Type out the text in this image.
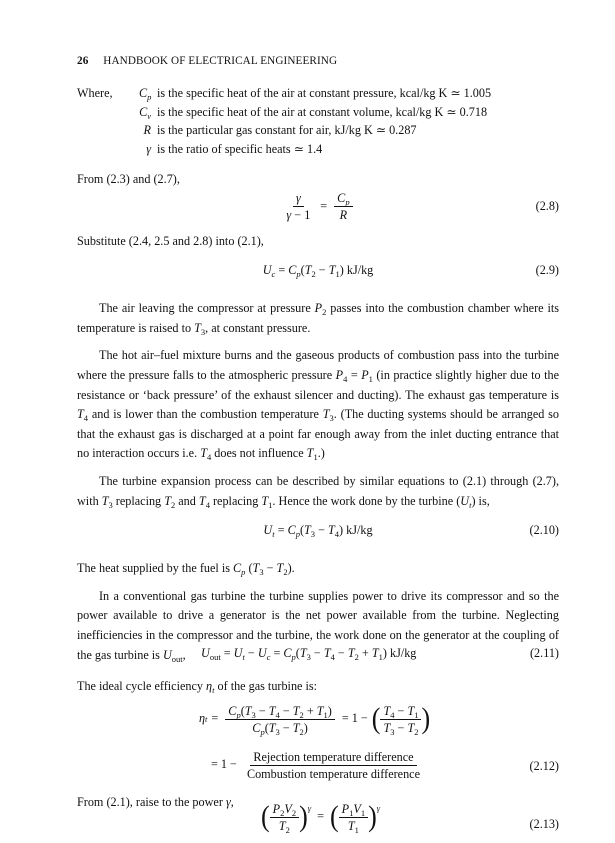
26 HANDBOOK OF ELECTRICAL ENGINEERING
Where,	$C_p$ is the specific heat of the air at constant pressure, kcal/kg K ≃ 1.005
$C_v$ is the specific heat of the air at constant volume, kcal/kg K ≃ 0.718
R is the particular gas constant for air, kJ/kg K ≃ 0.287
γ is the ratio of specific heats ≃ 1.4

From (2.3) and (2.7),

$\frac{\gamma}{\gamma - 1} = \frac{C_p}{R}$	(2.8)

Substitute (2.4, 2.5 and 2.8) into (2.1),

$U_c = C_p(T_2 - T_1)$ kJ/kg	(2.9)

The air leaving the compressor at pressure $P_2$ passes into the combustion chamber where its temperature is raised to $T_3$, at constant pressure.

The hot air–fuel mixture burns and the gaseous products of combustion pass into the turbine where the pressure falls to the atmospheric pressure $P_4 = P_1$ (in practice slightly higher due to the resistance or ‘back pressure’ of the exhaust silencer and ducting). The exhaust gas temperature is $T_4$ and is lower than the combustion temperature $T_3$. (The ducting systems should be arranged so that the exhaust gas is discharged at a point far enough away from the inlet ducting entrance that no interaction occurs i.e. $T_4$ does not influence $T_1$.)

The turbine expansion process can be described by similar equations to (2.1) through (2.7), with $T_3$ replacing $T_2$ and $T_4$ replacing $T_1$. Hence the work done by the turbine $(U_t)$ is,

$U_t = C_p(T_3 - T_4)$ kJ/kg	(2.10)

The heat supplied by the fuel is $C_p$ $(T_3 - T_2)$.

In a conventional gas turbine the turbine supplies power to drive its compressor and so the power available to drive a generator is the net power available from the turbine. Neglecting inefficiencies in the compressor and the turbine, the work done on the generator at the coupling of the gas turbine is $U_{out}$,	$U_{out} = U_t - U_c = C_p(T_3 - T_4 - T_2 + T_1)$ kJ/kg	(2.11)

The ideal cycle efficiency $\eta_t$ of the gas turbine is:

η $t = \frac{C_p(T_3 - T_4 - T_2 + T_1)}{C_p(T_3 - T_2)} = 1$ − ( $\frac{T_4 - T_1}{T_3 - T_2}$ )
= $1 - \frac{\text{Rejection temperature difference}}{\text{Combustion temperature difference}}$	(2.12)

From (2.1), raise to the power γ, ( $\frac{P_2V_2}{T_2}$ ) γ
= ( $\frac{P_1V_1}{T_1}$ ) γ
(2.13)
